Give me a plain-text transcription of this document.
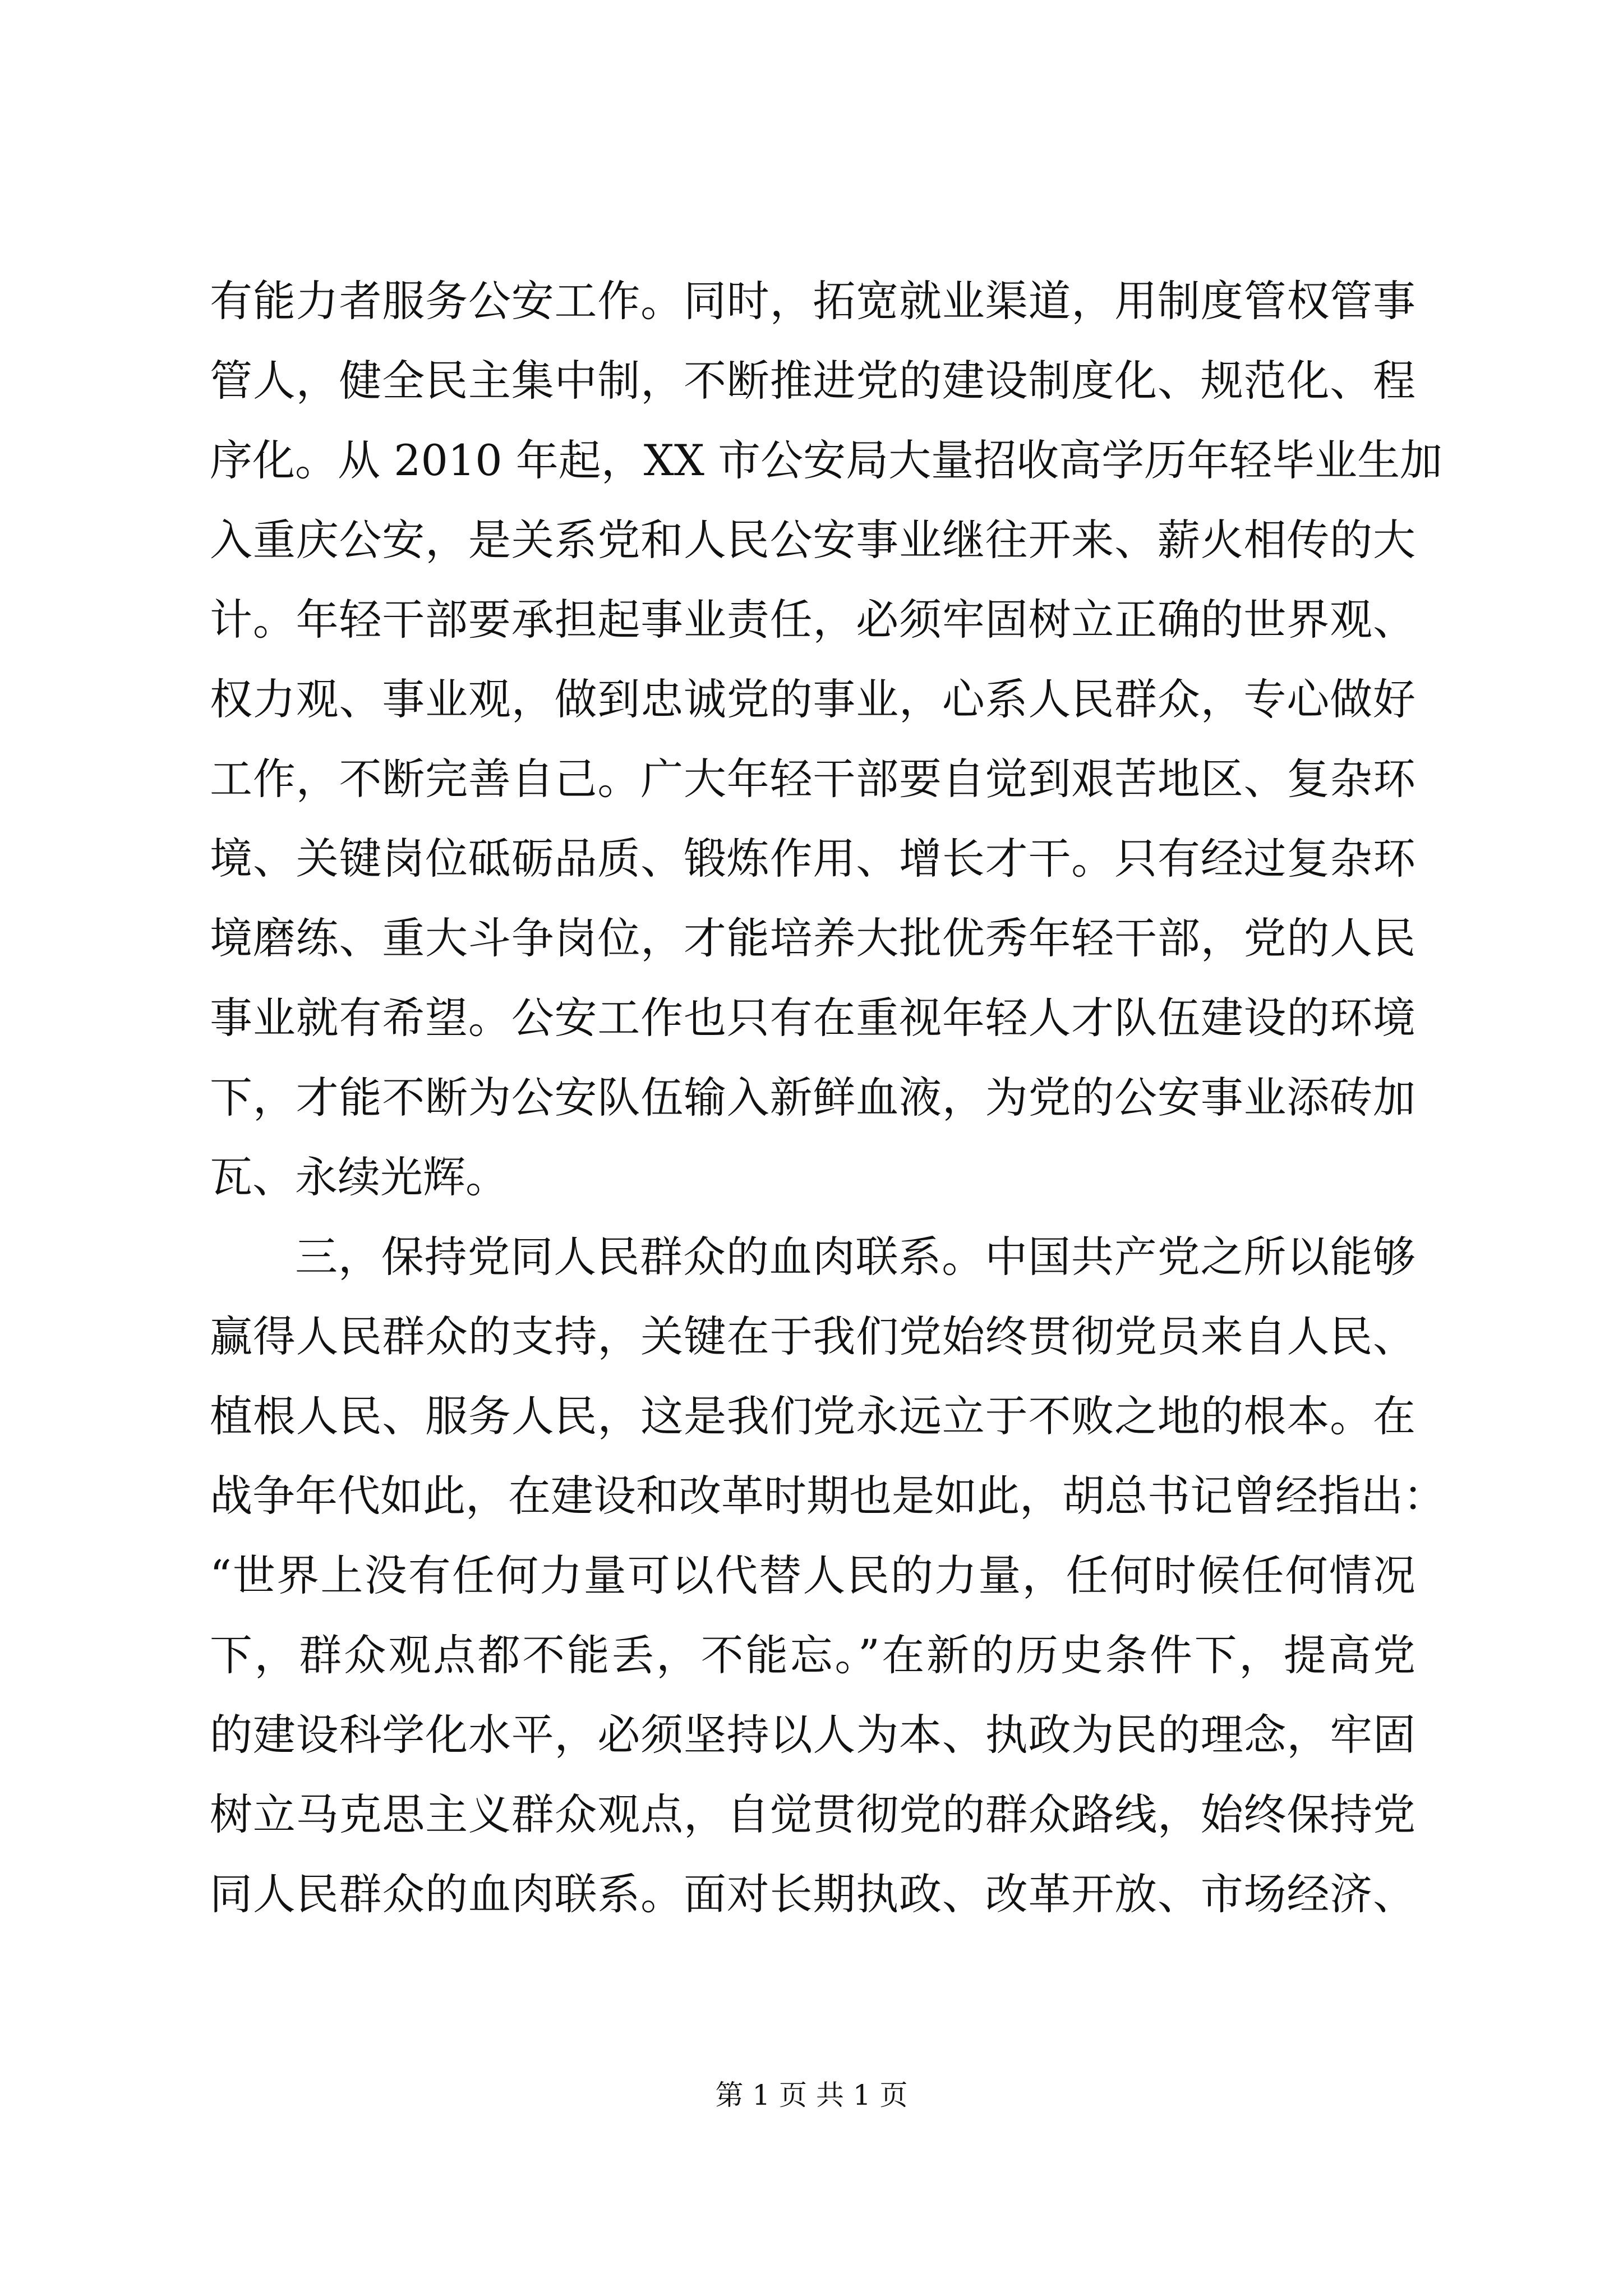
有能力者服务公安工作。同时，拓宽就业渠道，用制度管权管事
管人，健全民主集中制，不断推进党的建设制度化、规范化、程
序化。从 2010 年起，XX 市公安局大量招收高学历年轻毕业生加
入重庆公安，是关系党和人民公安事业继往开来、薪火相传的大
计。年轻干部要承担起事业责任，必须牢固树立正确的世界观、
权力观、事业观，做到忠诚党的事业，心系人民群众，专心做好
工作，不断完善自己。广大年轻干部要自觉到艰苦地区、复杂环
境、关键岗位砥砺品质、锻炼作用、增长才干。只有经过复杂环
境磨练、重大斗争岗位，才能培养大批优秀年轻干部，党的人民
事业就有希望。公安工作也只有在重视年轻人才队伍建设的环境
下，才能不断为公安队伍输入新鲜血液，为党的公安事业添砖加
瓦、永续光辉。
三，保持党同人民群众的血肉联系。中国共产党之所以能够
赢得人民群众的支持，关键在于我们党始终贯彻党员来自人民、
植根人民、服务人民，这是我们党永远立于不败之地的根本。在
战争年代如此，在建设和改革时期也是如此，胡总书记曾经指出：
“世界上没有任何力量可以代替人民的力量，任何时候任何情况
下，群众观点都不能丢，不能忘。”在新的历史条件下，提高党
的建设科学化水平，必须坚持以人为本、执政为民的理念，牢固
树立马克思主义群众观点，自觉贯彻党的群众路线，始终保持党
同人民群众的血肉联系。面对长期执政、改革开放、市场经济、
第 1 页 共 1 页
